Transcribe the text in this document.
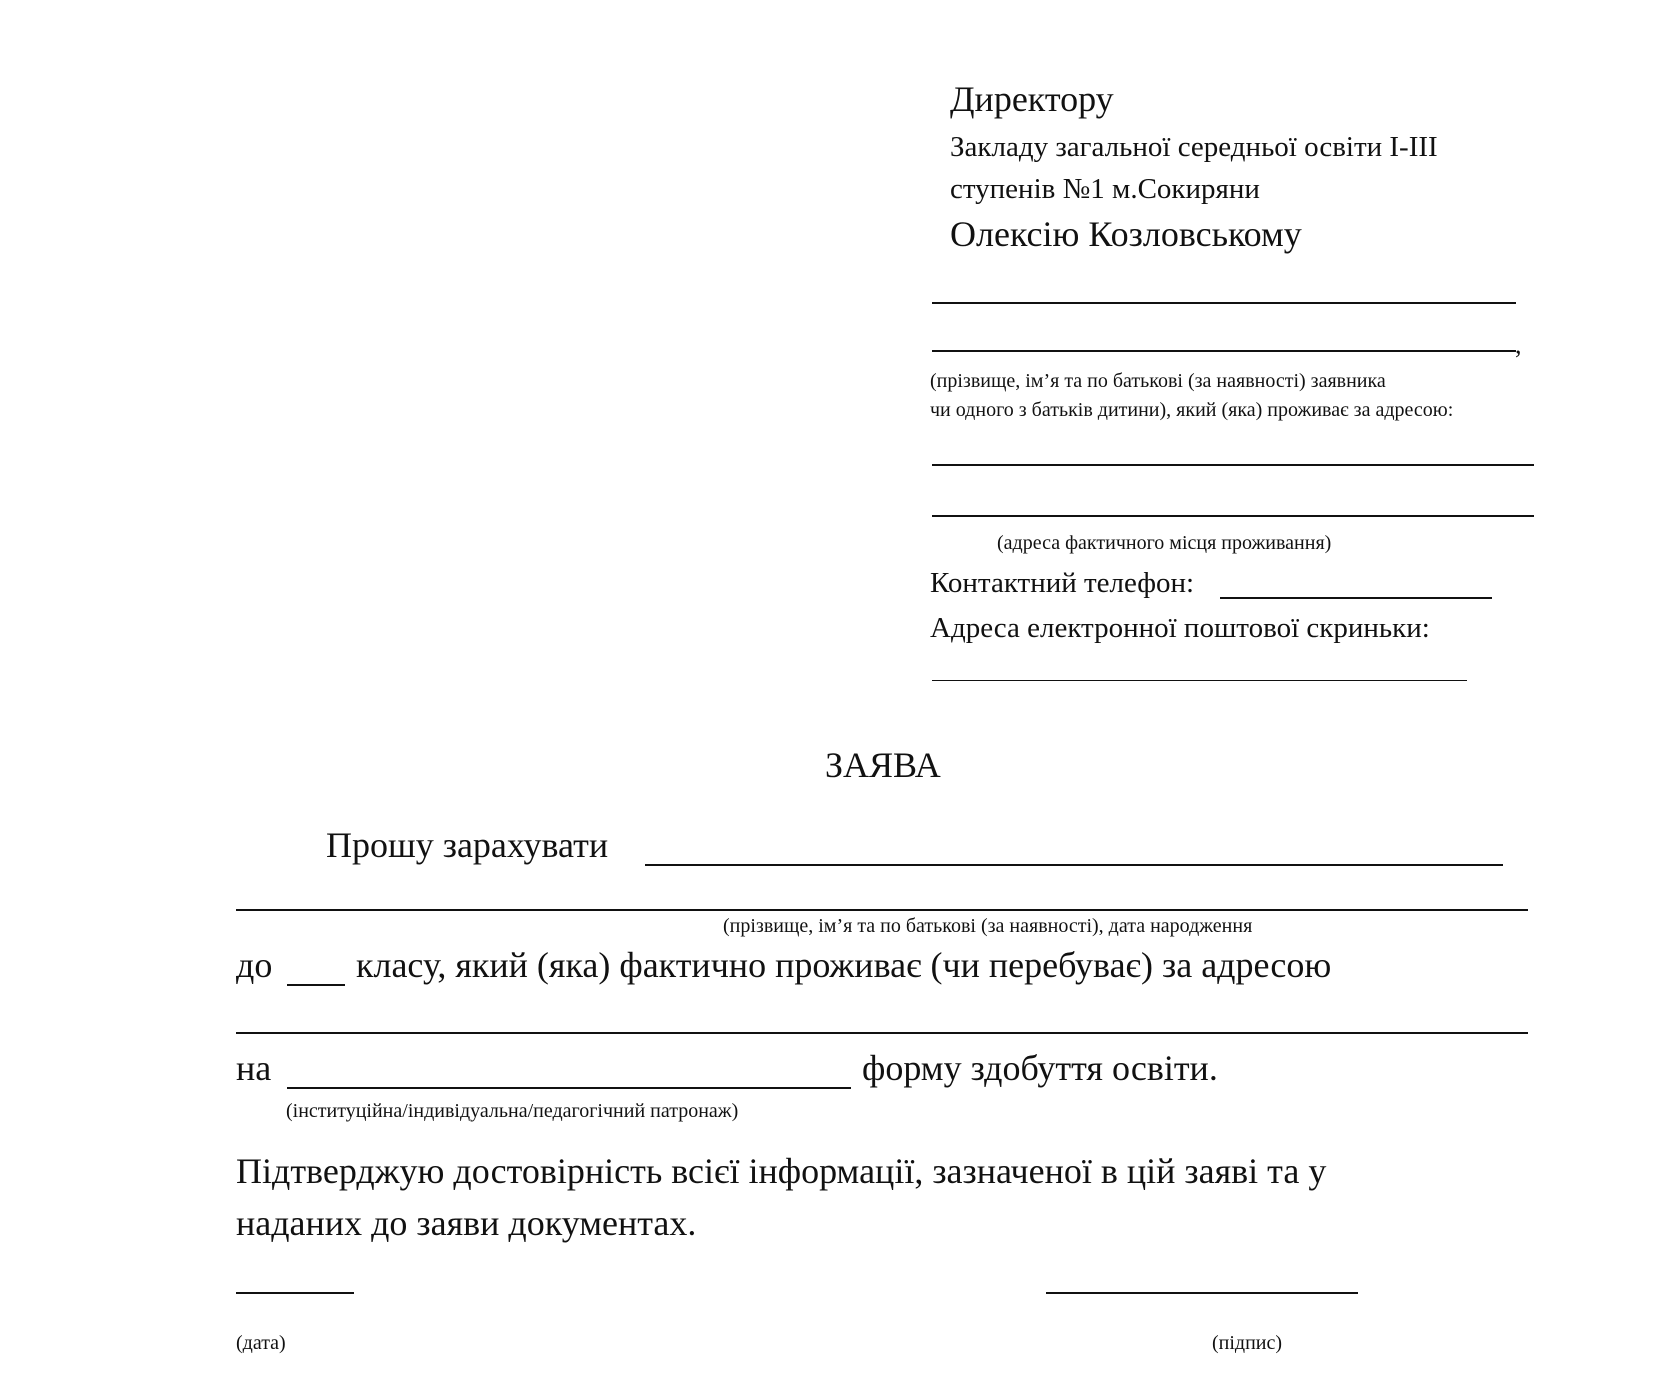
Директору
Закладу загальної середньої освіти І-ІІІ
ступенів №1 м.Сокиряни
Олексію Козловському
,
(прізвище, ім’я та по батькові (за наявності) заявника
чи одного з батьків дитини), який (яка) проживає за адресою:
(адреса фактичного місця проживання)
Контактний телефон:
Адреса електронної поштової скриньки:
ЗАЯВА
Прошу зарахувати
(прізвище, ім’я та по батькові (за наявності), дата народження
до класу, який (яка) фактично проживає (чи перебуває) за адресою
на	форму здобуття освіти.
(інституційна/індивідуальна/педагогічний патронаж)
Підтверджую достовірність всієї інформації, зазначеної в цій заяві та у
наданих до заяви документах.
(дата)	(підпис)
